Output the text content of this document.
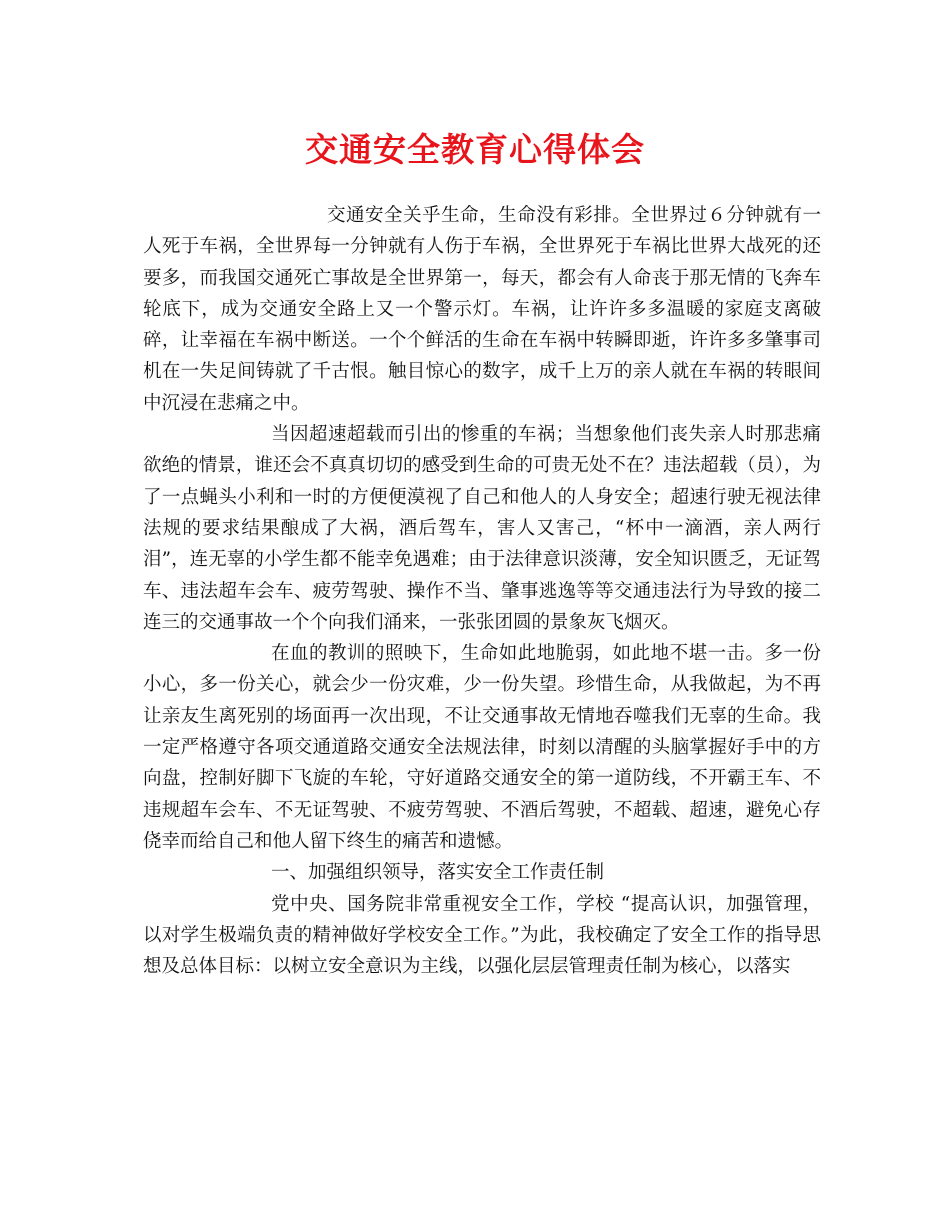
交通安全教育心得体会

交通安全关乎生命，生命没有彩排。全世界过６分钟就有一人死于车祸，全世界每一分钟就有人伤于车祸，全世界死于车祸比世界大战死的还要多，而我国交通死亡事故是全世界第一，每天，都会有人命丧于那无情的飞奔车轮底下，成为交通安全路上又一个警示灯。车祸，让许许多多温暖的家庭支离破碎，让幸福在车祸中断送。一个个鲜活的生命在车祸中转瞬即逝，许许多多肇事司机在一失足间铸就了千古恨。触目惊心的数字，成千上万的亲人就在车祸的转眼间中沉浸在悲痛之中。

当因超速超载而引出的惨重的车祸；当想象他们丧失亲人时那悲痛欲绝的情景，谁还会不真真切切的感受到生命的可贵无处不在？违法超载（员），为了一点蝇头小利和一时的方便便漠视了自己和他人的人身安全；超速行驶无视法律法规的要求结果酿成了大祸，酒后驾车，害人又害己，“杯中一滴酒，亲人两行泪”，连无辜的小学生都不能幸免遇难；由于法律意识淡薄，安全知识匮乏，无证驾车、违法超车会车、疲劳驾驶、操作不当、肇事逃逸等等交通违法行为导致的接二连三的交通事故一个个向我们涌来，一张张团圆的景象灰飞烟灭。

在血的教训的照映下，生命如此地脆弱，如此地不堪一击。多一份小心，多一份关心，就会少一份灾难，少一份失望。珍惜生命，从我做起，为不再让亲友生离死别的场面再一次出现，不让交通事故无情地吞噬我们无辜的生命。我一定严格遵守各项交通道路交通安全法规法律，时刻以清醒的头脑掌握好手中的方向盘，控制好脚下飞旋的车轮，守好道路交通安全的第一道防线，不开霸王车、不违规超车会车、不无证驾驶、不疲劳驾驶、不酒后驾驶，不超载、超速，避免心存侥幸而给自己和他人留下终生的痛苦和遗憾。

一、加强组织领导，落实安全工作责任制

党中央、国务院非常重视安全工作，学校 “提高认识，加强管理，以对学生极端负责的精神做好学校安全工作。”为此，我校确定了安全工作的指导思想及总体目标：以树立安全意识为主线，以强化层层管理责任制为核心，以落实
